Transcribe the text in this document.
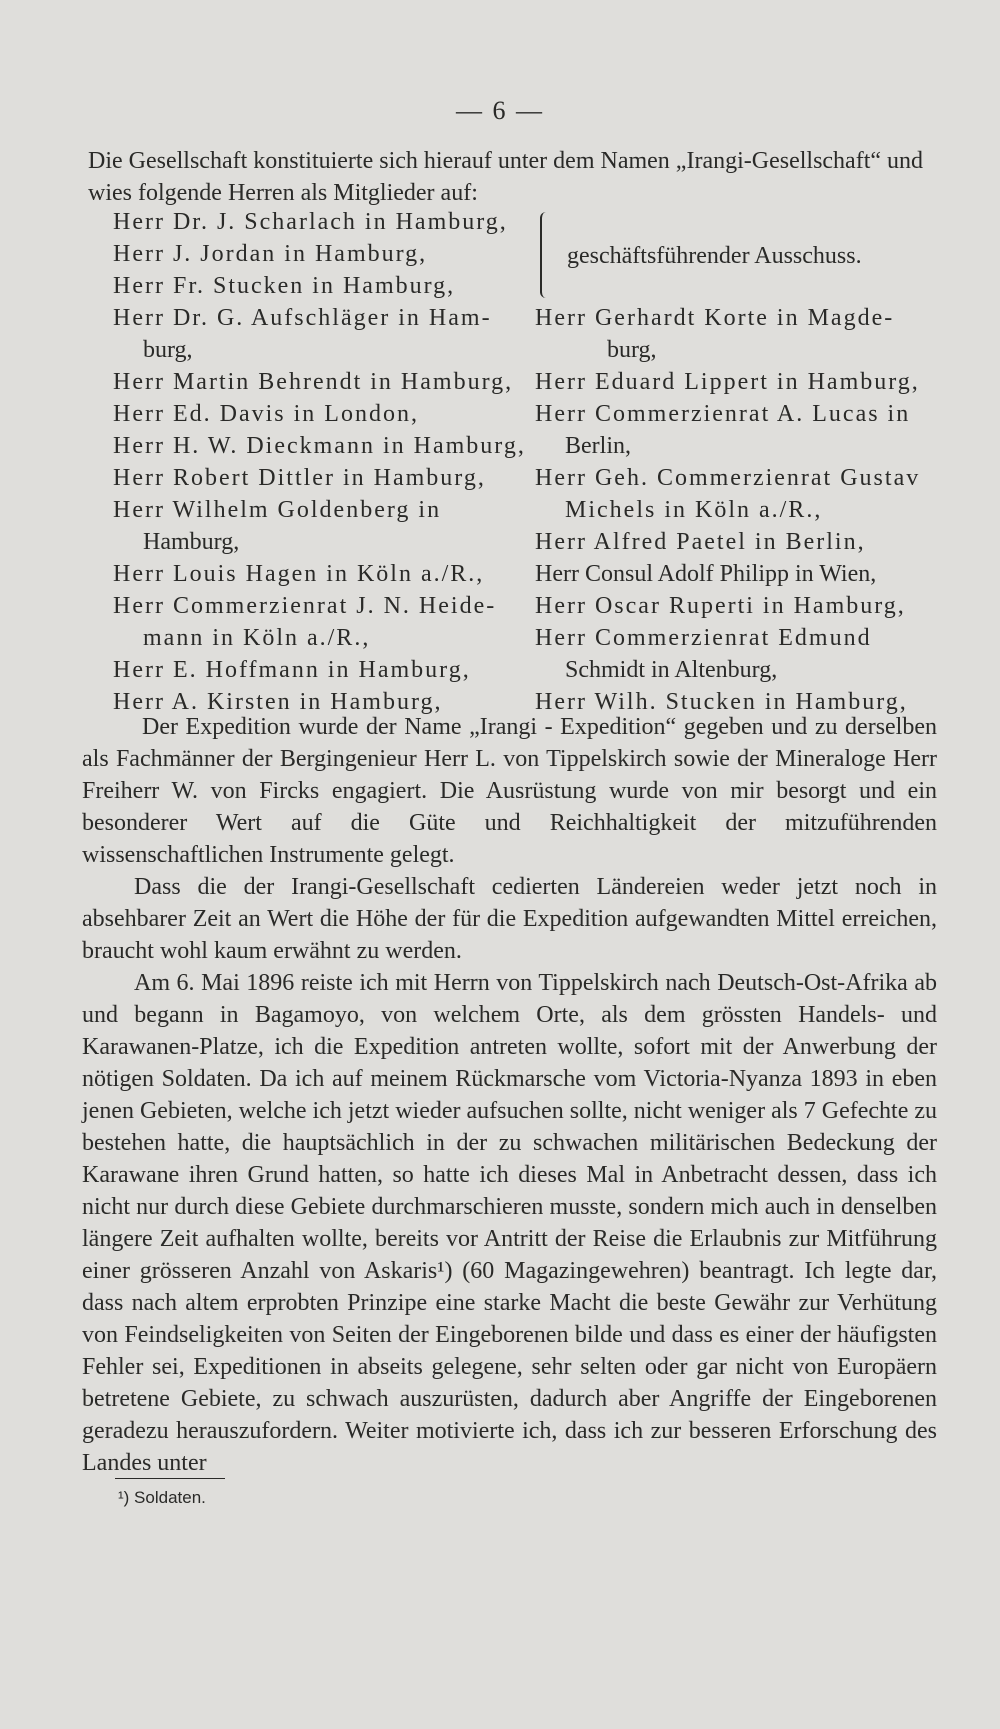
— 6 —
Die Gesellschaft konstituierte sich hierauf unter dem Namen „Irangi-Gesellschaft“ und wies folgende Herren als Mitglieder auf:
Herr Dr. J. Scharlach in Hamburg,
Herr J. Jordan in Hamburg,
Herr Fr. Stucken in Hamburg,
geschäftsführender Ausschuss.
Herr Dr. G. Aufschläger in Ham-
burg,
Herr Martin Behrendt in Hamburg,
Herr Ed. Davis in London,
Herr H. W. Dieckmann in Hamburg,
Herr Robert Dittler in Hamburg,
Herr Wilhelm Goldenberg in
Hamburg,
Herr Louis Hagen in Köln a./R.,
Herr Commerzienrat J. N. Heide-
mann in Köln a./R.,
Herr E. Hoffmann in Hamburg,
Herr A. Kirsten in Hamburg,
Herr Gerhardt Korte in Magde-
burg,
Herr Eduard Lippert in Hamburg,
Herr Commerzienrat A. Lucas in
Berlin,
Herr Geh. Commerzienrat Gustav
Michels in Köln a./R.,
Herr Alfred Paetel in Berlin,
Herr Consul Adolf Philipp in Wien,
Herr Oscar Ruperti in Hamburg,
Herr Commerzienrat Edmund
Schmidt in Altenburg,
Herr Wilh. Stucken in Hamburg,

Der Expedition wurde der Name „Irangi - Expedition“ gegeben und zu derselben als Fachmänner der Bergingenieur Herr L. von Tippelskirch sowie der Mineraloge Herr Freiherr W. von Fircks engagiert. Die Ausrüstung wurde von mir besorgt und ein besonderer Wert auf die Güte und Reichhaltigkeit der mitzuführenden wissenschaftlichen Instrumente gelegt.

Dass die der Irangi-Gesellschaft cedierten Ländereien weder jetzt noch in absehbarer Zeit an Wert die Höhe der für die Expedition aufgewandten Mittel erreichen, braucht wohl kaum erwähnt zu werden.

Am 6. Mai 1896 reiste ich mit Herrn von Tippelskirch nach Deutsch-Ost-Afrika ab und begann in Bagamoyo, von welchem Orte, als dem grössten Handels- und Karawanen-Platze, ich die Expedition antreten wollte, sofort mit der Anwerbung der nötigen Soldaten. Da ich auf meinem Rückmarsche vom Victoria-Nyanza 1893 in eben jenen Gebieten, welche ich jetzt wieder aufsuchen sollte, nicht weniger als 7 Gefechte zu bestehen hatte, die hauptsächlich in der zu schwachen militärischen Bedeckung der Karawane ihren Grund hatten, so hatte ich dieses Mal in Anbetracht dessen, dass ich nicht nur durch diese Gebiete durchmarschieren musste, sondern mich auch in denselben längere Zeit aufhalten wollte, bereits vor Antritt der Reise die Erlaubnis zur Mitführung einer grösseren Anzahl von Askaris¹) (60 Magazingewehren) beantragt. Ich legte dar, dass nach altem erprobten Prinzipe eine starke Macht die beste Gewähr zur Verhütung von Feindseligkeiten von Seiten der Eingeborenen bilde und dass es einer der häufigsten Fehler sei, Expeditionen in abseits gelegene, sehr selten oder gar nicht von Europäern betretene Gebiete, zu schwach auszurüsten, dadurch aber Angriffe der Eingeborenen geradezu herauszufordern. Weiter motivierte ich, dass ich zur besseren Erforschung des Landes unter

¹) Soldaten.
